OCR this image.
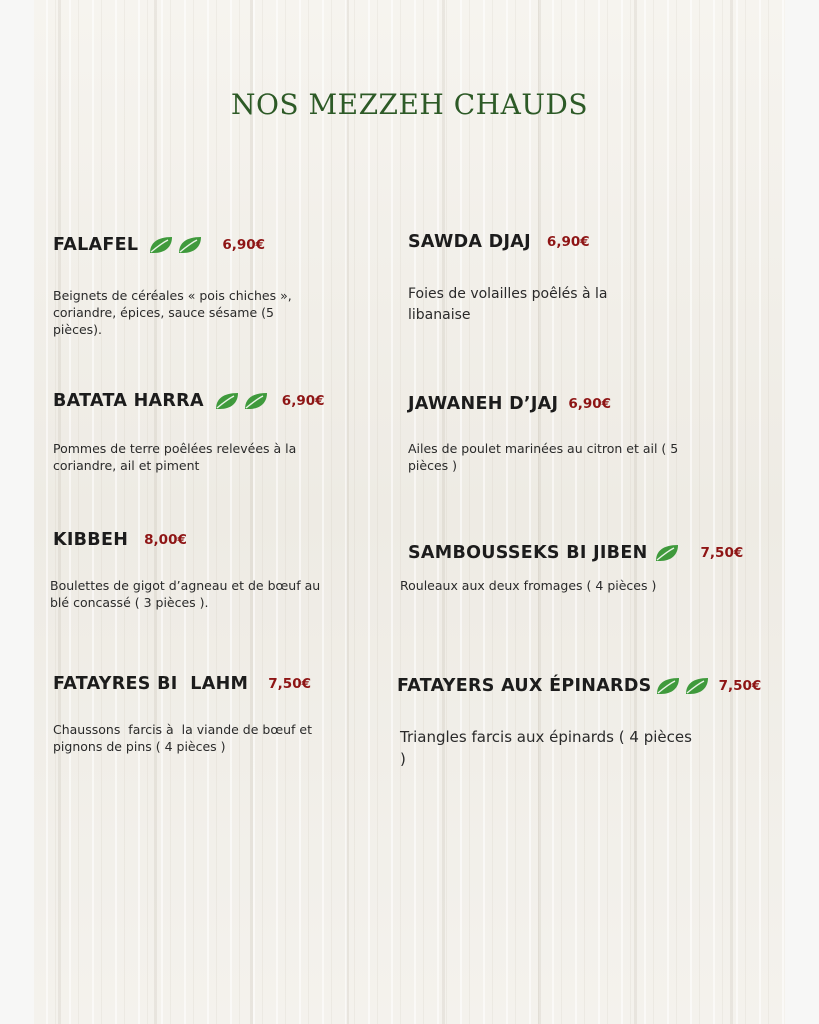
NOS MEZZEH CHAUDS
FALAFEL	6,90€
Beignets de céréales « pois chiches », coriandre, épices, sauce sésame (5 pièces).
SAWDA DJAJ 6,90€
Foies de volailles poêlés à la libanaise
BATATA HARRA	6,90€
Pommes de terre poêlées relevées à la coriandre, ail et piment
JAWANEH D’JAJ 6,90€
Ailes de poulet marinées au citron et ail ( 5 pièces )
KIBBEH 8,00€
Boulettes de gigot d’agneau et de bœuf au blé concassé ( 3 pièces ).
SAMBOUSSEKS BI JIBEN	7,50€
Rouleaux aux deux fromages ( 4 pièces )
FATAYRES BI  LAHM 7,50€
Chaussons  farcis à  la viande de bœuf et pignons de pins ( 4 pièces )
FATAYERS AUX ÉPINARDS	7,50€
Triangles farcis aux épinards ( 4 pièces )
